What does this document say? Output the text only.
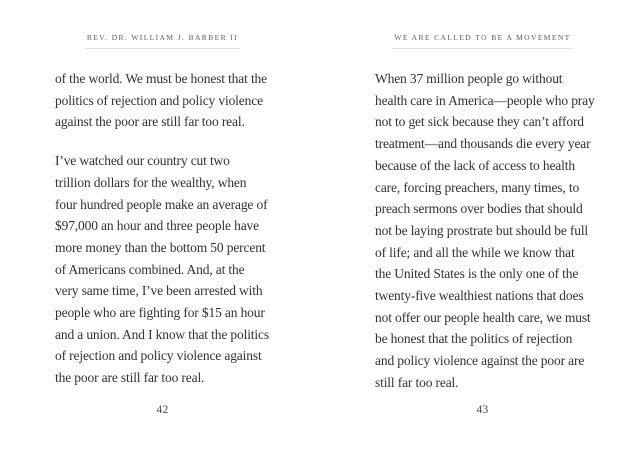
REV. DR. WILLIAM J. BARBER II
of the world. We must be honest that the
politics of rejection and policy violence
against the poor are still far too real.
I’ve watched our country cut two
trillion dollars for the wealthy, when
four hundred people make an average of
$97,000 an hour and three people have
more money than the bottom 50 percent
of Americans combined. And, at the
very same time, I’ve been arrested with
people who are fighting for $15 an hour
and a union. And I know that the politics
of rejection and policy violence against
the poor are still far too real.
42
WE ARE CALLED TO BE A MOVEMENT
When 37 million people go without
health care in America—people who pray
not to get sick because they can’t afford
treatment—and thousands die every year
because of the lack of access to health
care, forcing preachers, many times, to
preach sermons over bodies that should
not be laying prostrate but should be full
of life; and all the while we know that
the United States is the only one of the
twenty-five wealthiest nations that does
not offer our people health care, we must
be honest that the politics of rejection
and policy violence against the poor are
still far too real.
43
